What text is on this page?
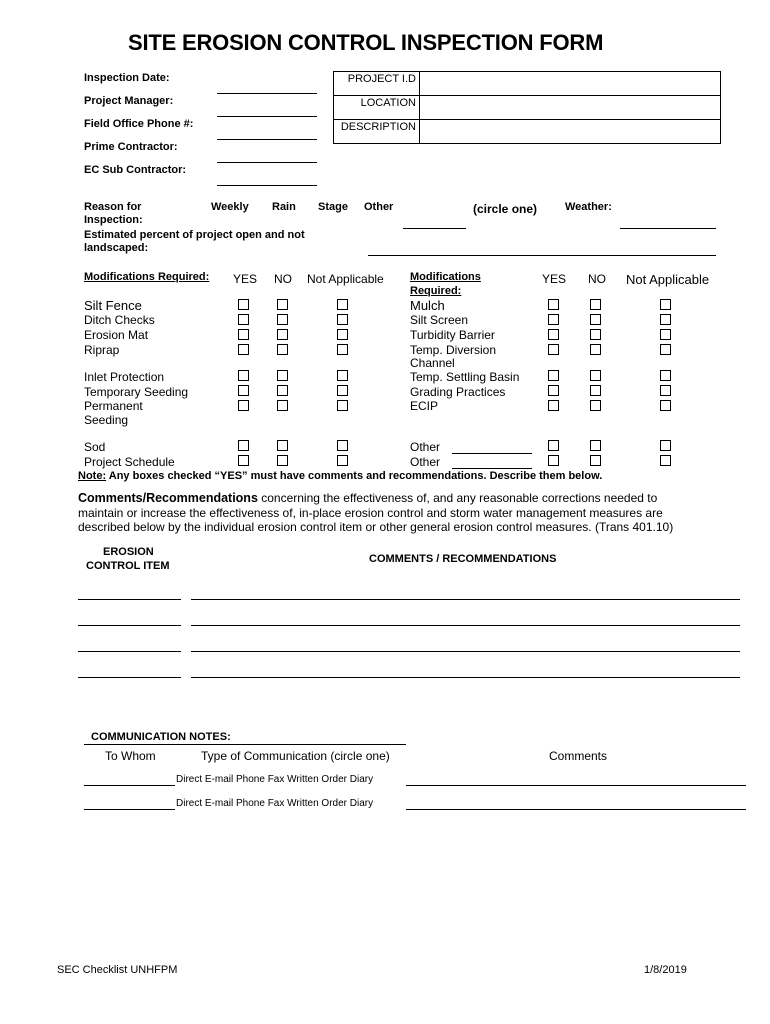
SITE EROSION CONTROL INSPECTION FORM
Inspection Date:
Project Manager:
Field Office Phone #:
Prime Contractor:
EC Sub Contractor:
PROJECT I.D	
LOCATION	
DESCRIPTION	
Reason for
Inspection:
Weekly Rain Stage Other	(circle one)	Weather:
Estimated percent of project open and not
landscaped:
Modifications Required: YES NO Not Applicable
Silt Fence
Ditch Checks
Erosion Mat
Riprap
Inlet Protection
Temporary Seeding
Permanent
Seeding
Sod
Project Schedule
Modifications
Required:
YES NO Not Applicable
Mulch
Silt Screen
Turbidity Barrier
Temp. Diversion
Channel
Temp. Settling Basin
Grading Practices
ECIP
Other
Other
Note: Any boxes checked “YES” must have comments and recommendations. Describe them below.
Comments/Recommendations concerning the effectiveness of, and any reasonable corrections needed to
maintain or increase the effectiveness of, in-place erosion control and storm water management measures are
described below by the individual erosion control item or other general erosion control measures. (Trans 401.10)
EROSION
CONTROL ITEM
COMMENTS / RECOMMENDATIONS
COMMUNICATION NOTES:
To Whom	Type of Communication (circle one)	Comments
Direct E-mail Phone Fax Written Order Diary
Direct E-mail Phone Fax Written Order Diary
SEC Checklist UNHFPM	1/8/2019
